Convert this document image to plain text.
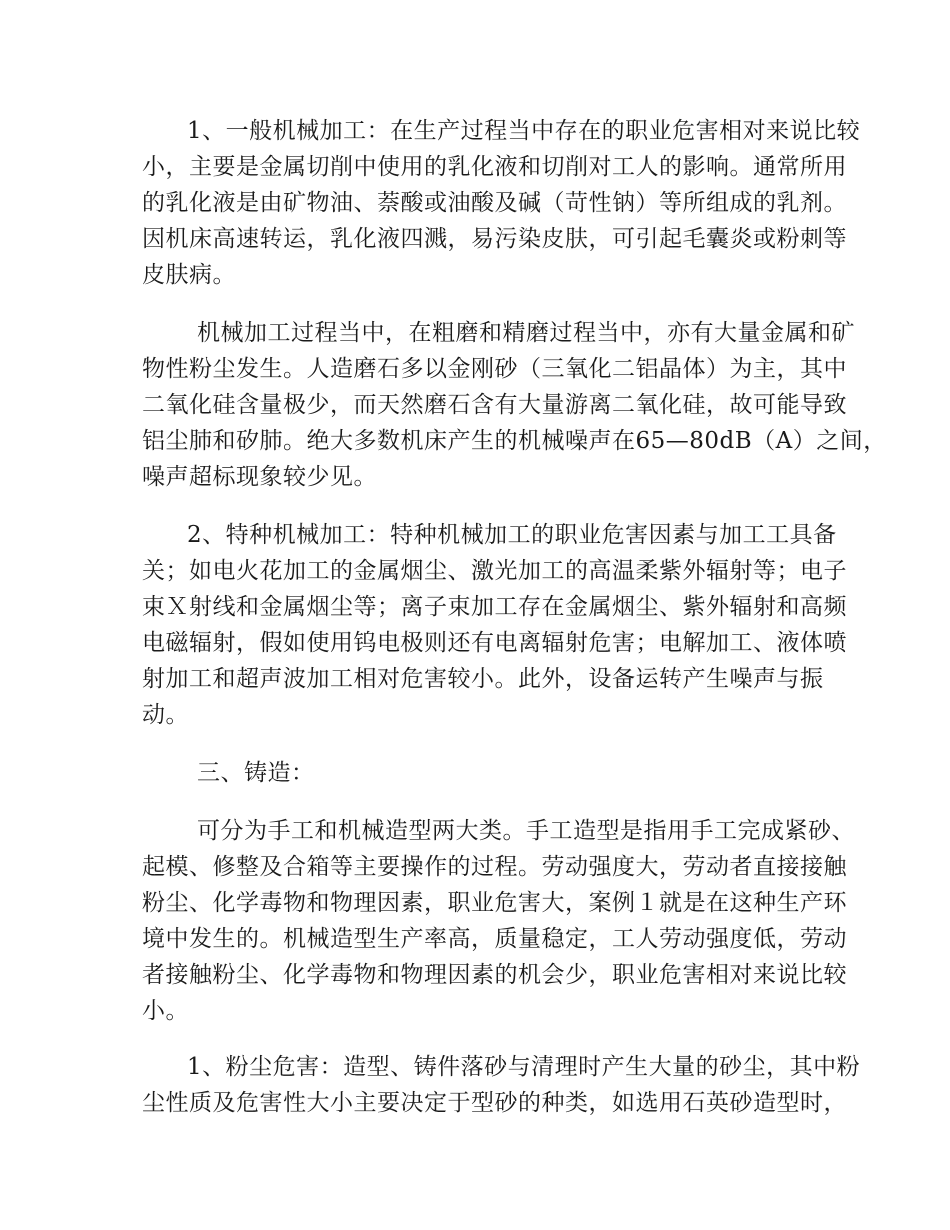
1、一般机械加工：在生产过程当中存在的职业危害相对来说比较

小，主要是金属切削中使用的乳化液和切削对工人的影响。通常所用

的乳化液是由矿物油、萘酸或油酸及碱（苛性钠）等所组成的乳剂。

因机床高速转运，乳化液四溅，易污染皮肤，可引起毛囊炎或粉刺等

皮肤病。

机械加工过程当中，在粗磨和精磨过程当中，亦有大量金属和矿

物性粉尘发生。人造磨石多以金刚砂（三氧化二铝晶体）为主，其中

二氧化硅含量极少，而天然磨石含有大量游离二氧化硅，故可能导致

铝尘肺和矽肺。绝大多数机床产生的机械噪声在65—80dB（A）之间，

噪声超标现象较少见。

2、特种机械加工：特种机械加工的职业危害因素与加工工具备

关；如电火花加工的金属烟尘、激光加工的高温柔紫外辐射等；电子

束Ｘ射线和金属烟尘等；离子束加工存在金属烟尘、紫外辐射和高频

电磁辐射，假如使用钨电极则还有电离辐射危害；电解加工、液体喷

射加工和超声波加工相对危害较小。此外，设备运转产生噪声与振

动。

三、铸造：

可分为手工和机械造型两大类。手工造型是指用手工完成紧砂、

起模、修整及合箱等主要操作的过程。劳动强度大，劳动者直接接触

粉尘、化学毒物和物理因素，职业危害大，案例１就是在这种生产环

境中发生的。机械造型生产率高，质量稳定，工人劳动强度低，劳动

者接触粉尘、化学毒物和物理因素的机会少，职业危害相对来说比较

小。

1、粉尘危害：造型、铸件落砂与清理时产生大量的砂尘，其中粉

尘性质及危害性大小主要决定于型砂的种类，如选用石英砂造型时，
